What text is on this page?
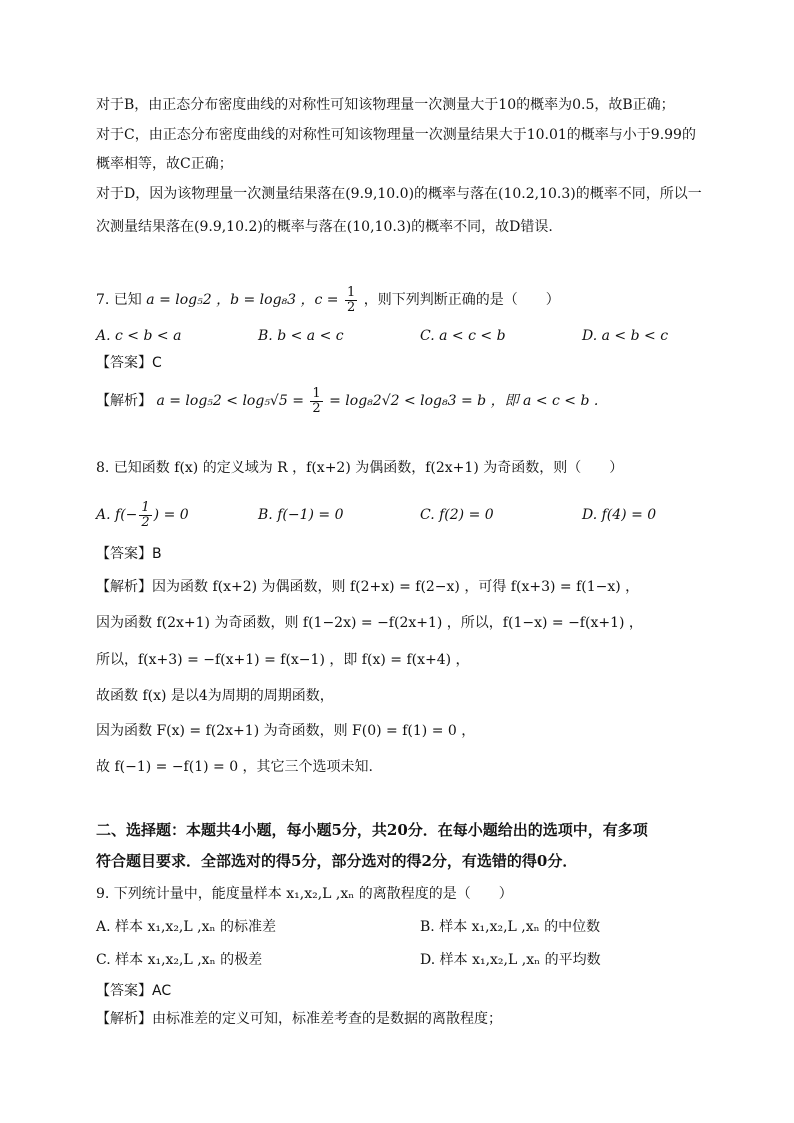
对于B，由正态分布密度曲线的对称性可知该物理量一次测量大于10的概率为0.5，故B正确；
对于C，由正态分布密度曲线的对称性可知该物理量一次测量结果大于10.01的概率与小于9.99的
概率相等，故C正确；
对于D，因为该物理量一次测量结果落在(9.9,10.0)的概率与落在(10.2,10.3)的概率不同，所以一
次测量结果落在(9.9,10.2)的概率与落在(10,10.3)的概率不同，故D错误.
7. 已知 a = log₅2 ，b = log₈3 ，$c = \frac{1}{2}$ ，则下列判断正确的是（　　）
A. c < b < a	B. b < a < c	C. a < c < b	D. a < b < c
【答案】C
【解析】 $a = \log_52 < \log_5√5 = \frac{1}{2} = \log_82√2 < \log_83 = b$ ，即 a < c < b .
8. 已知函数 f(x) 的定义域为 R ，f(x+2) 为偶函数，f(2x+1) 为奇函数，则（　　）
A. $f(- \frac{1}{2}$ ) = 0	B. f(−1) = 0	C. f(2) = 0	D. f(4) = 0
【答案】B
【解析】因为函数 f(x+2) 为偶函数，则 f(2+x) = f(2−x) ，可得 f(x+3) = f(1−x) ，
因为函数 f(2x+1) 为奇函数，则 f(1−2x) = −f(2x+1) ，所以，f(1−x) = −f(x+1) ，
所以，f(x+3) = −f(x+1) = f(x−1) ，即 f(x) = f(x+4) ，
故函数 f(x) 是以4为周期的周期函数，
因为函数 F(x) = f(2x+1) 为奇函数，则 F(0) = f(1) = 0 ，
故 f(−1) = −f(1) = 0 ，其它三个选项未知.
二、选择题：本题共4小题，每小题5分，共20分．在每小题给出的选项中，有多项
符合题目要求．全部选对的得5分，部分选对的得2分，有选错的得0分．
9. 下列统计量中，能度量样本 x₁,x₂,L ,xₙ 的离散程度的是（　　）
A. 样本 x₁,x₂,L ,xₙ 的标准差	B. 样本 x₁,x₂,L ,xₙ 的中位数
C. 样本 x₁,x₂,L ,xₙ 的极差	D. 样本 x₁,x₂,L ,xₙ 的平均数
【答案】AC
【解析】由标准差的定义可知，标准差考查的是数据的离散程度；
